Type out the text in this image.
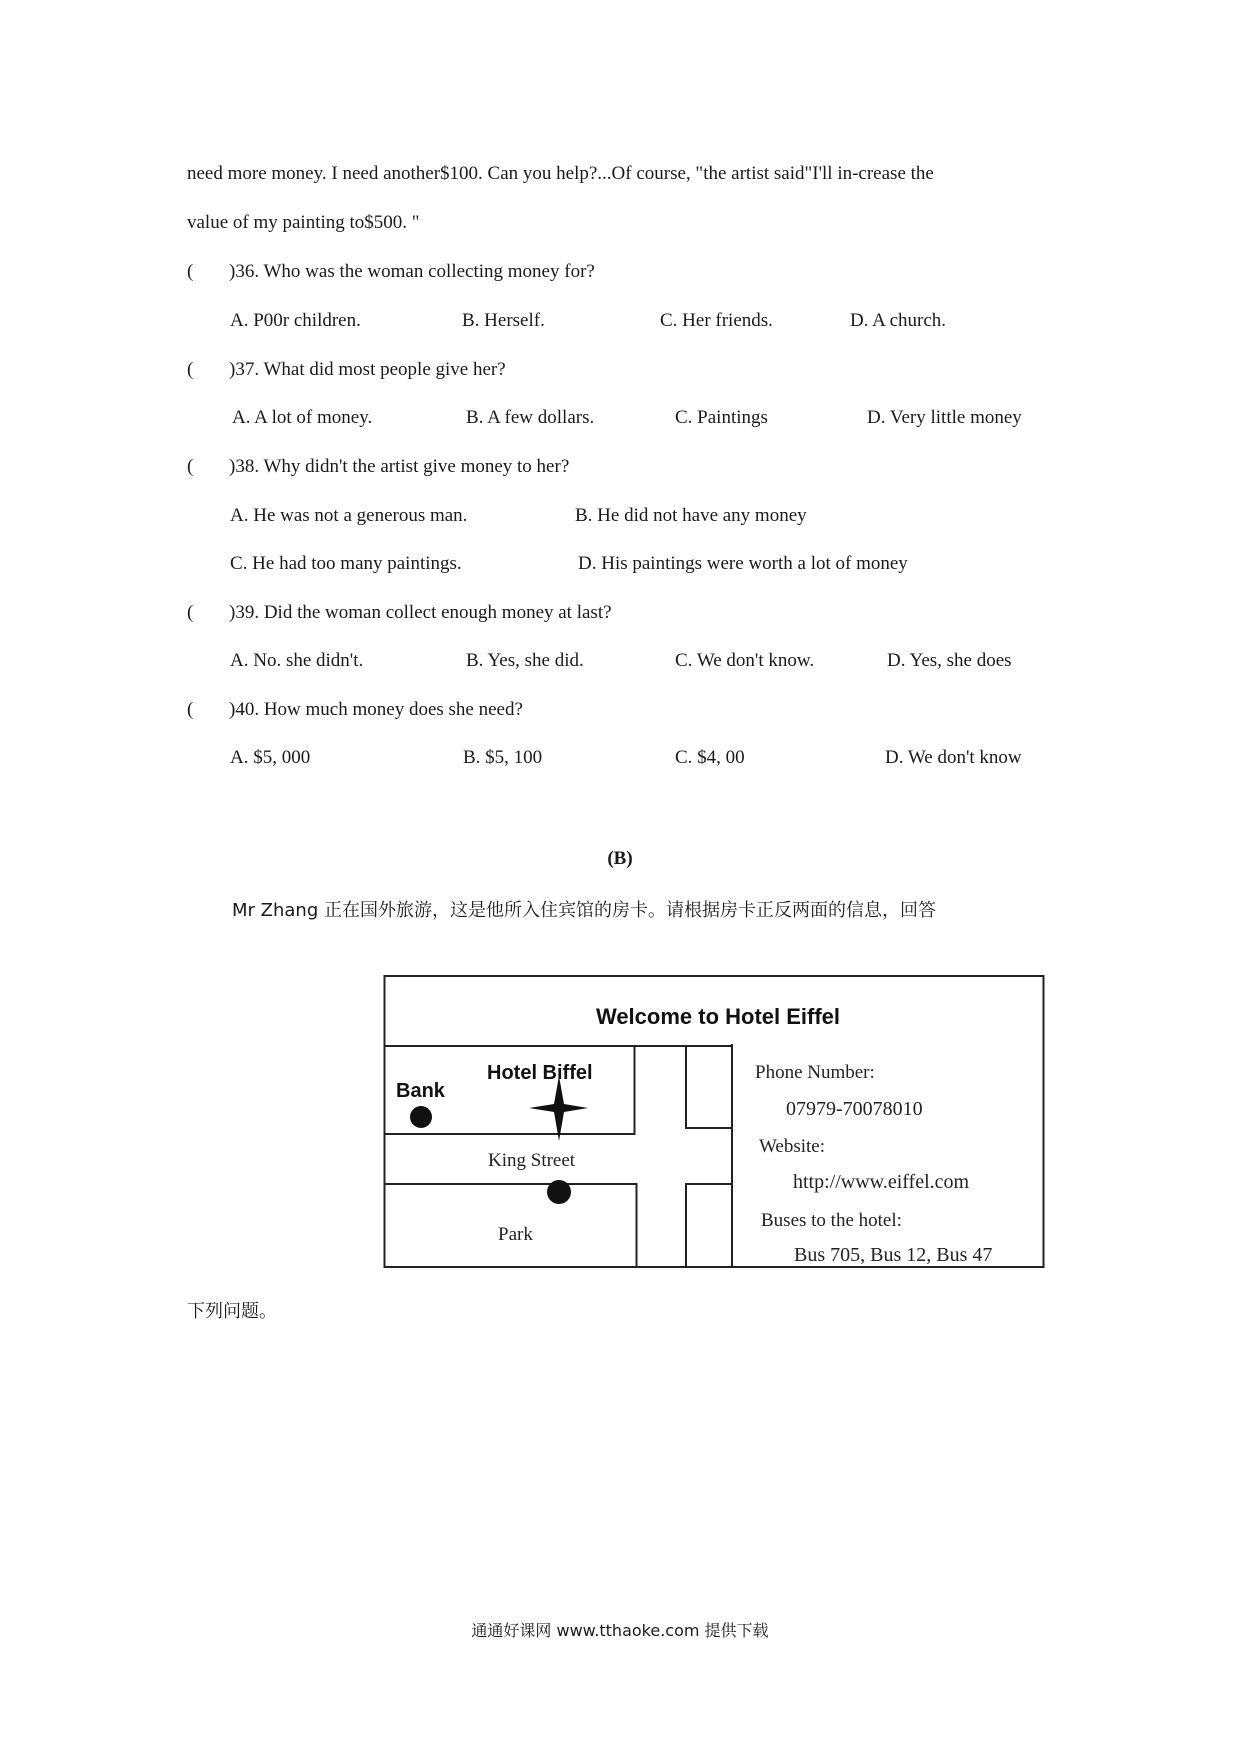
need more money. I need another$100. Can you help?...Of course, "the artist said"I'll in-crease the
value of my painting to$500. "
( )36. Who was the woman collecting money for?
A. P00r children.	B. Herself.	C. Her friends.	D. A church.
( )37. What did most people give her?
A. A lot of money.	B. A few dollars.	C. Paintings	D. Very little money
( )38. Why didn't the artist give money to her?
A. He was not a generous man.	B. He did not have any money
C. He had too many paintings.	D. His paintings were worth a lot of money
( )39. Did the woman collect enough money at last?
A. No. she didn't.	B. Yes, she did.	C. We don't know.	D. Yes, she does
( )40. How much money does she need?
A. $5, 000	B. $5, 100	C. $4, 00	D. We don't know
(B)
Mr Zhang 正在国外旅游，这是他所入住宾馆的房卡。请根据房卡正反两面的信息，回答
Welcome to Hotel Eiffel
Hotel Biffel
Bank
King Street
Park
Phone Number:
07979-70078010
Website:
http://www.eiffel.com
Buses to the hotel:
Bus 705, Bus 12, Bus 47
下列问题。
通通好课网 www.tthaoke.com 提供下载
